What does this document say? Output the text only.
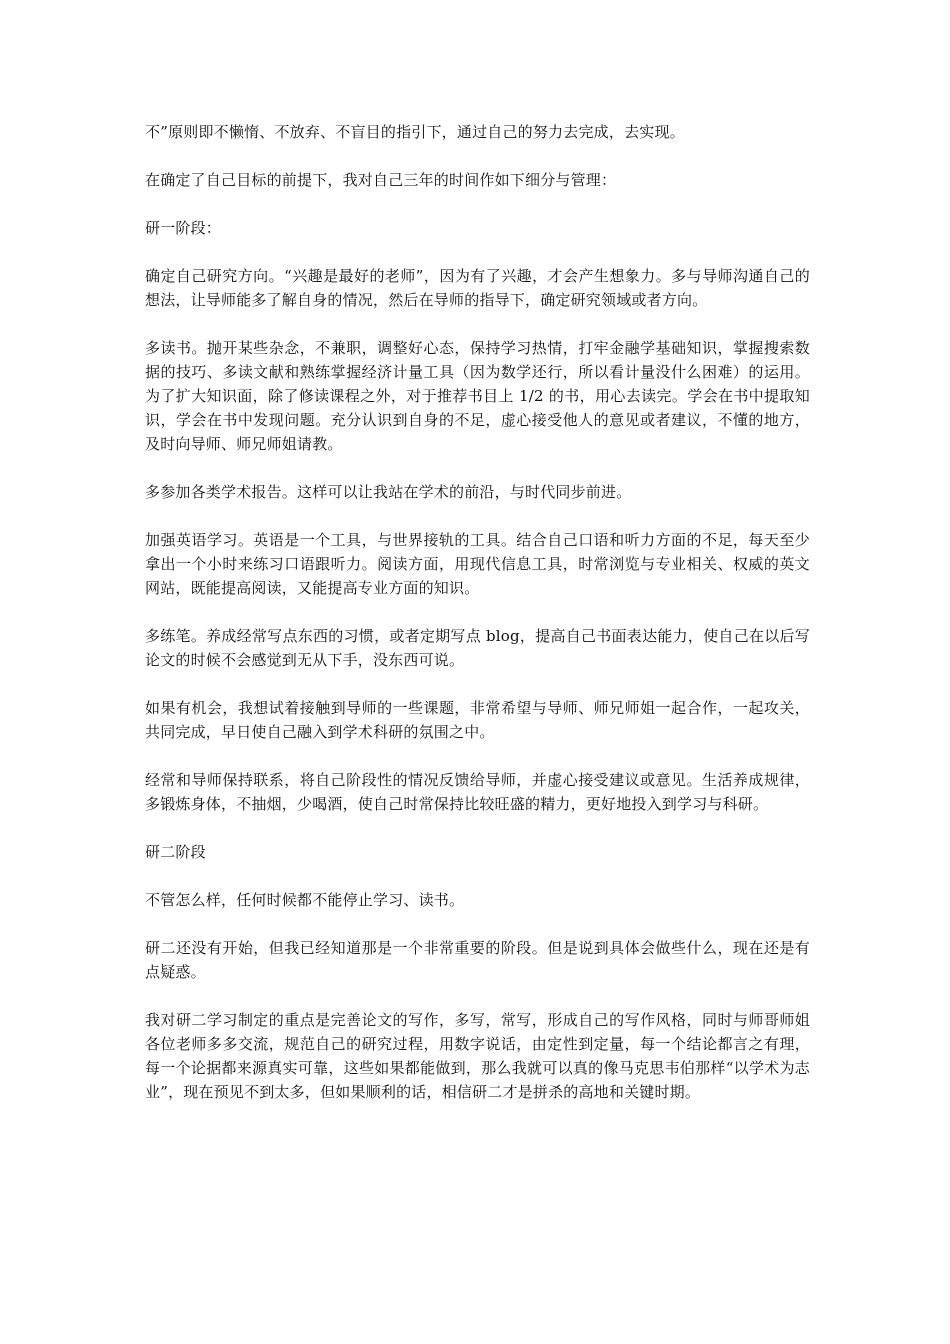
不”原则即不懒惰、不放弃、不盲目的指引下，通过自己的努力去完成，去实现。

在确定了自己目标的前提下，我对自己三年的时间作如下细分与管理：

研一阶段：

确定自己研究方向。“兴趣是最好的老师”，因为有了兴趣，才会产生想象力。多与导师沟通自己的想法，让导师能多了解自身的情况，然后在导师的指导下，确定研究领域或者方向。

多读书。抛开某些杂念，不兼职，调整好心态，保持学习热情，打牢金融学基础知识，掌握搜索数据的技巧、多读文献和熟练掌握经济计量工具（因为数学还行，所以看计量没什么困难）的运用。为了扩大知识面，除了修读课程之外，对于推荐书目上 1/2 的书，用心去读完。学会在书中提取知识，学会在书中发现问题。充分认识到自身的不足，虚心接受他人的意见或者建议，不懂的地方，及时向导师、师兄师姐请教。

多参加各类学术报告。这样可以让我站在学术的前沿，与时代同步前进。

加强英语学习。英语是一个工具，与世界接轨的工具。结合自己口语和听力方面的不足，每天至少拿出一个小时来练习口语跟听力。阅读方面，用现代信息工具，时常浏览与专业相关、权威的英文网站，既能提高阅读，又能提高专业方面的知识。

多练笔。养成经常写点东西的习惯，或者定期写点 blog，提高自己书面表达能力，使自己在以后写论文的时候不会感觉到无从下手，没东西可说。

如果有机会，我想试着接触到导师的一些课题，非常希望与导师、师兄师姐一起合作，一起攻关，共同完成，早日使自己融入到学术科研的氛围之中。

经常和导师保持联系，将自己阶段性的情况反馈给导师，并虚心接受建议或意见。生活养成规律，多锻炼身体，不抽烟，少喝酒，使自己时常保持比较旺盛的精力，更好地投入到学习与科研。

研二阶段

不管怎么样，任何时候都不能停止学习、读书。

研二还没有开始，但我已经知道那是一个非常重要的阶段。但是说到具体会做些什么，现在还是有点疑惑。

我对研二学习制定的重点是完善论文的写作，多写，常写，形成自己的写作风格，同时与师哥师姐各位老师多多交流，规范自己的研究过程，用数字说话，由定性到定量，每一个结论都言之有理，每一个论据都来源真实可靠，这些如果都能做到，那么我就可以真的像马克思韦伯那样“以学术为志业”，现在预见不到太多，但如果顺利的话，相信研二才是拼杀的高地和关键时期。
